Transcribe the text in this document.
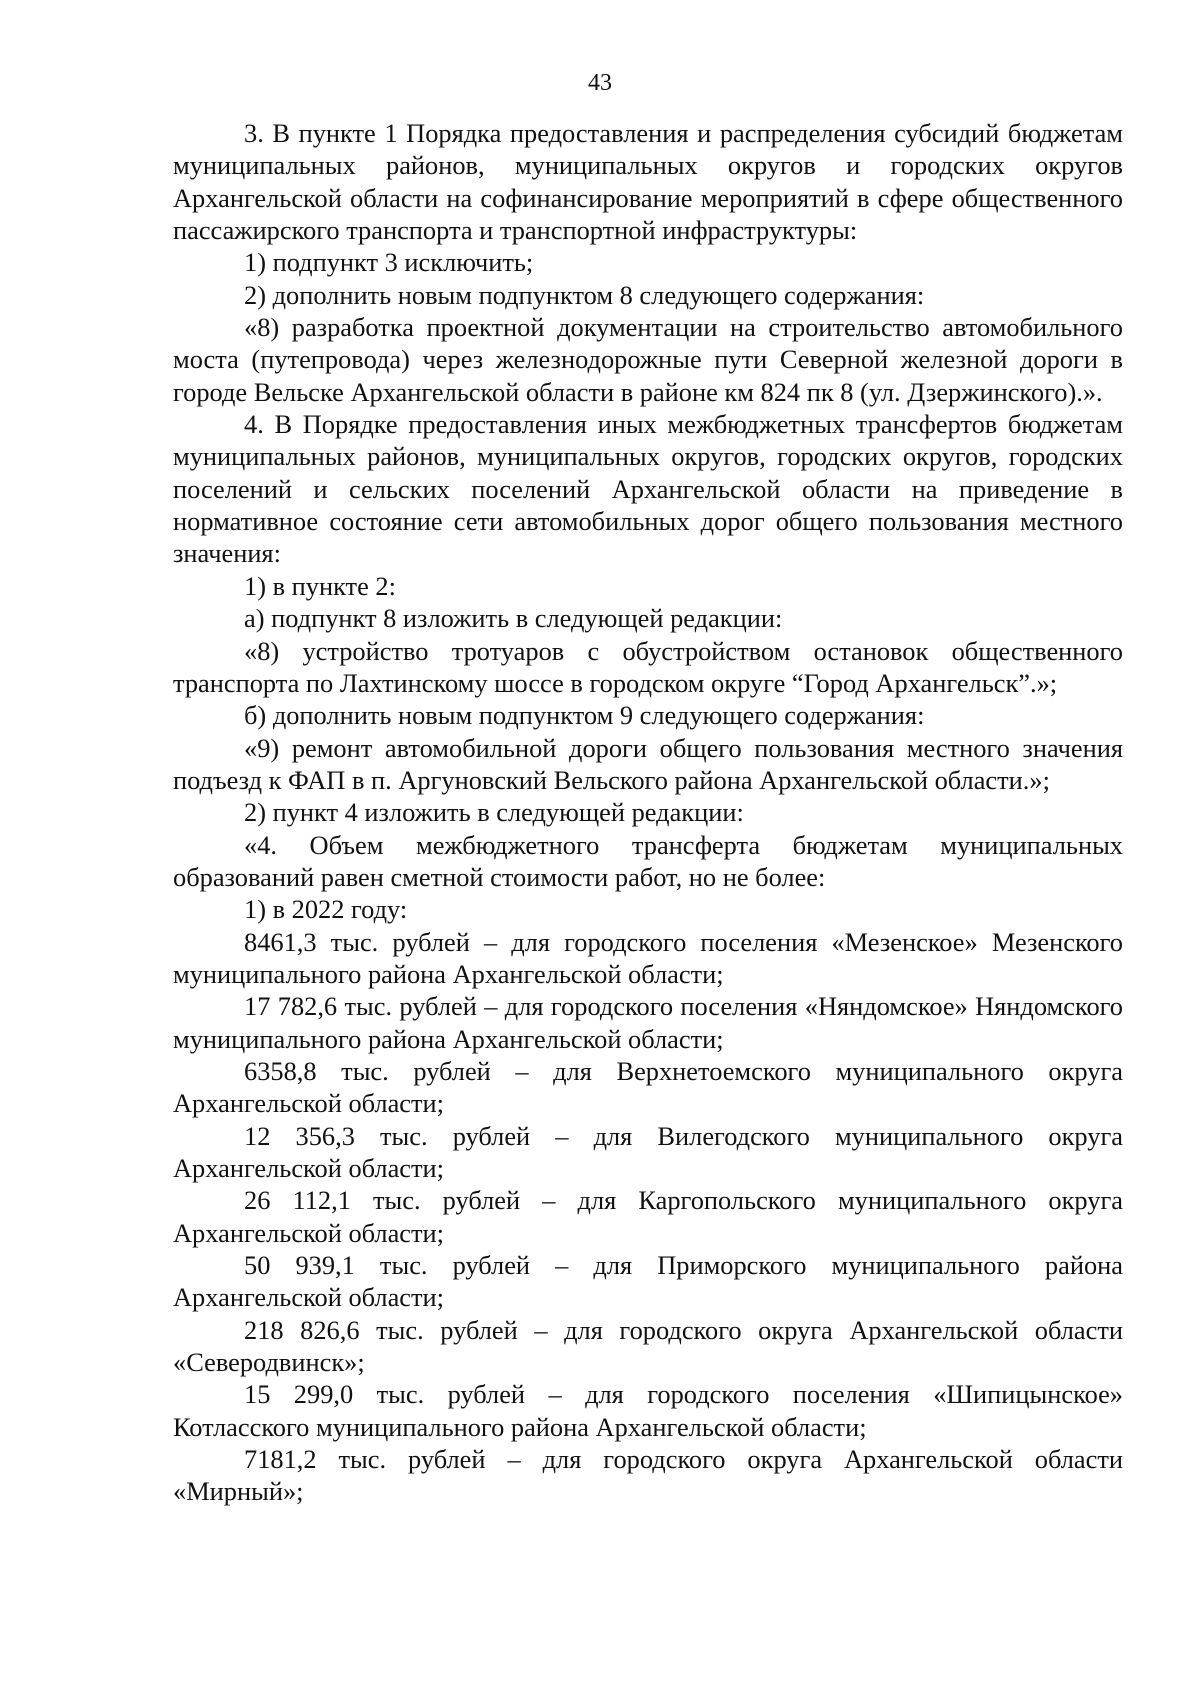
43

3. В пункте 1 Порядка предоставления и распределения субсидий бюджетам муниципальных районов, муниципальных округов и городских округов Архангельской области на софинансирование мероприятий в сфере общественного пассажирского транспорта и транспортной инфраструктуры:

1) подпункт 3 исключить;

2) дополнить новым подпунктом 8 следующего содержания:

«8) разработка проектной документации на строительство автомобильного моста (путепровода) через железнодорожные пути Северной железной дороги в городе Вельске Архангельской области в районе км 824 пк 8 (ул. Дзержинского).».

4. В Порядке предоставления иных межбюджетных трансфертов бюджетам муниципальных районов, муниципальных округов, городских округов, городских поселений и сельских поселений Архангельской области на приведение в нормативное состояние сети автомобильных дорог общего пользования местного значения:

1) в пункте 2:

а) подпункт 8 изложить в следующей редакции:

«8) устройство тротуаров с обустройством остановок общественного транспорта по Лахтинскому шоссе в городском округе “Город Архангельск”.»;

б) дополнить новым подпунктом 9 следующего содержания:

«9) ремонт автомобильной дороги общего пользования местного значения подъезд к ФАП в п. Аргуновский Вельского района Архангельской области.»;

2) пункт 4 изложить в следующей редакции:

«4. Объем межбюджетного трансферта бюджетам муниципальных образований равен сметной стоимости работ, но не более:

1) в 2022 году:

8461,3 тыс. рублей – для городского поселения «Мезенское» Мезенского муниципального района Архангельской области;

17 782,6 тыс. рублей – для городского поселения «Няндомское» Няндомского муниципального района Архангельской области;

6358,8 тыс. рублей – для Верхнетоемского муниципального округа Архангельской области;

12 356,3 тыс. рублей – для Вилегодского муниципального округа Архангельской области;

26 112,1 тыс. рублей – для Каргопольского муниципального округа Архангельской области;

50 939,1 тыс. рублей – для Приморского муниципального района Архангельской области;

218 826,6 тыс. рублей – для городского округа Архангельской области «Северодвинск»;

15 299,0 тыс. рублей – для городского поселения «Шипицынское» Котласского муниципального района Архангельской области;

7181,2 тыс. рублей – для городского округа Архангельской области «Мирный»;
